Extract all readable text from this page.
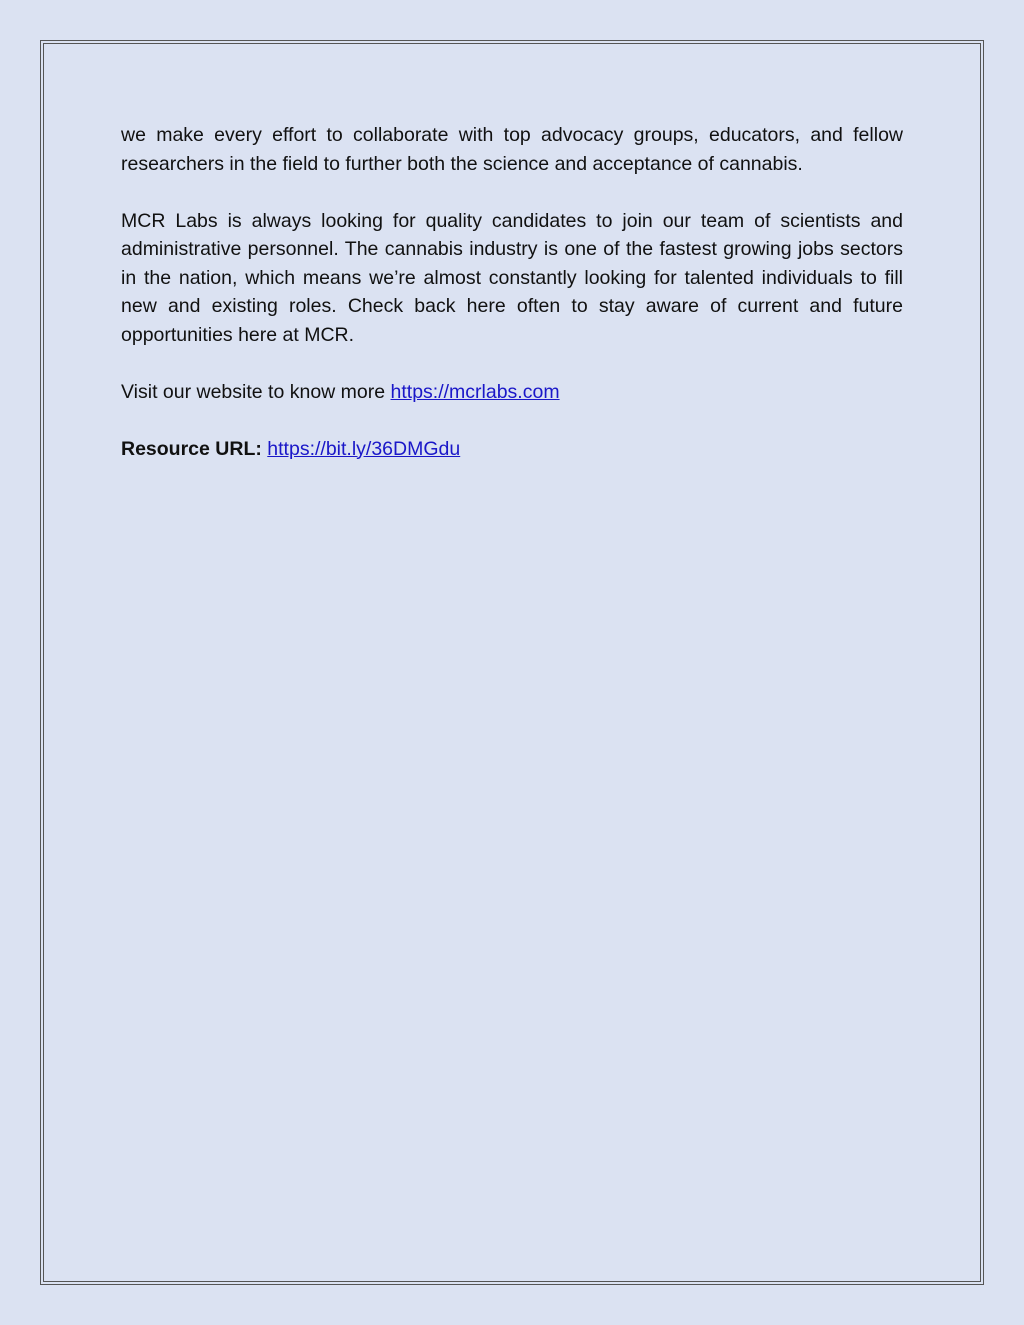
we make every effort to collaborate with top advocacy groups, educators, and fellow researchers in the field to further both the science and acceptance of cannabis.

MCR Labs is always looking for quality candidates to join our team of scientists and administrative personnel. The cannabis industry is one of the fastest growing jobs sectors in the nation, which means we’re almost constantly looking for talented individuals to fill new and existing roles. Check back here often to stay aware of current and future opportunities here at MCR.

Visit our website to know more https://mcrlabs.com

Resource URL: https://bit.ly/36DMGdu
